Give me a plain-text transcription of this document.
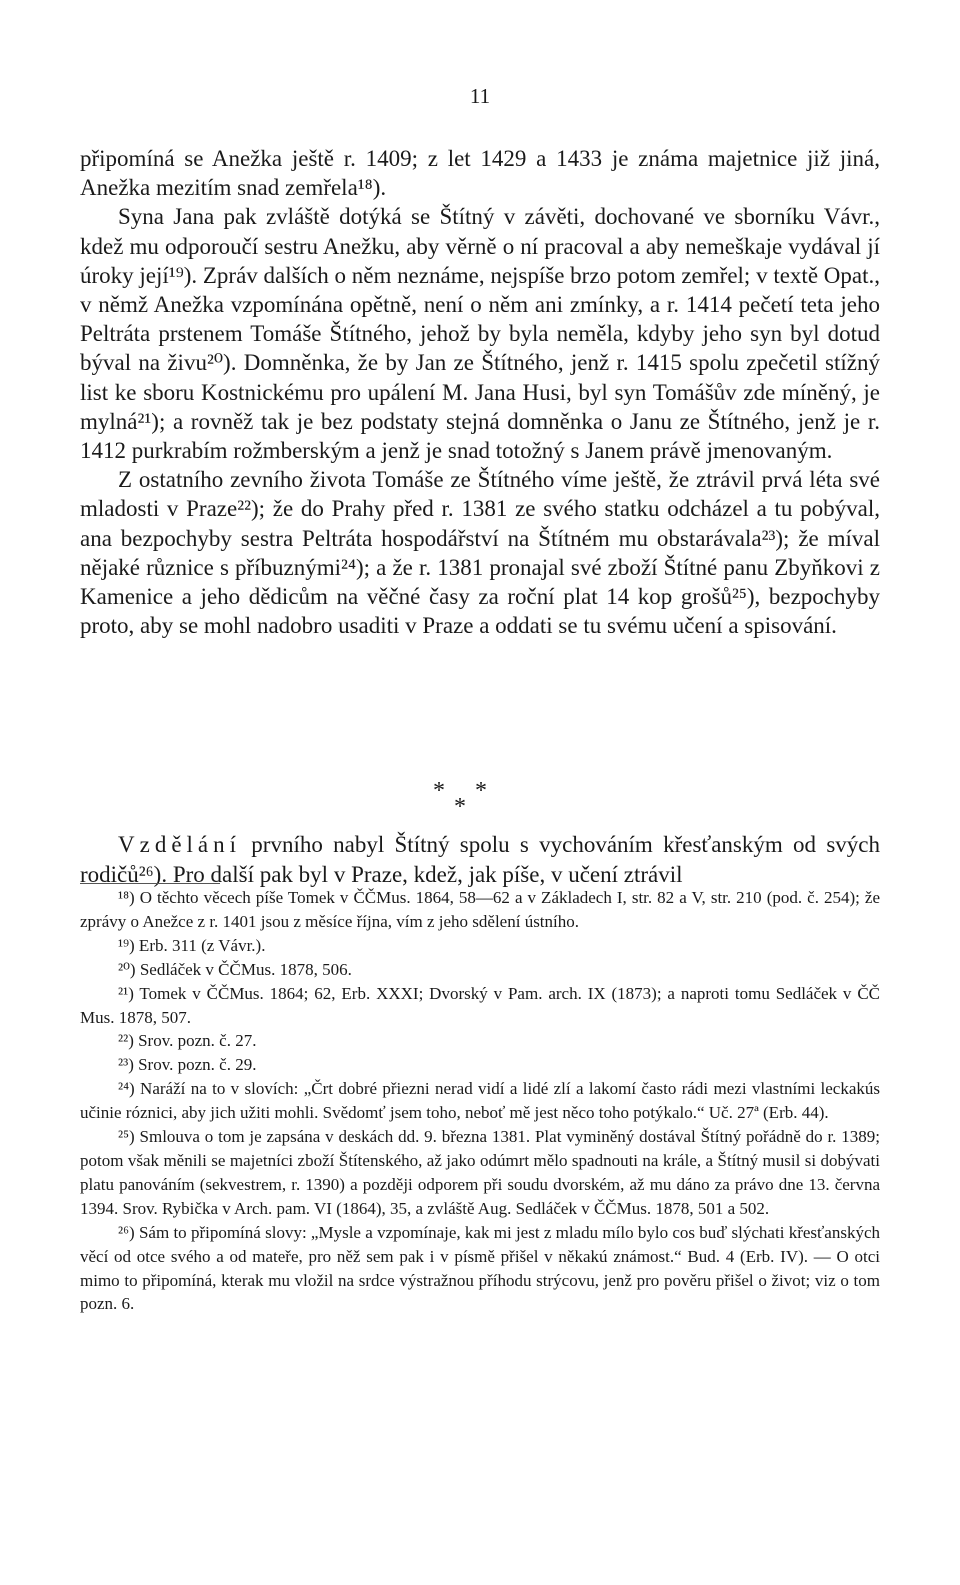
11

připomíná se Anežka ještě r. 1409; z let 1429 a 1433 je známa majetnice již jiná, Anežka mezitím snad zemřela¹⁸).

Syna Jana pak zvláště dotýká se Štítný v závěti, dochované ve sborníku Vávr., kdež mu odporoučí sestru Anežku, aby věrně o ní pracoval a aby nemeškaje vydával jí úroky její¹⁹). Zpráv dalších o něm neznáme, nejspíše brzo potom zemřel; v textě Opat., v němž Anežka vzpomínána opětně, není o něm ani zmínky, a r. 1414 pečetí teta jeho Peltráta prstenem Tomáše Štítného, jehož by byla neměla, kdyby jeho syn byl dotud býval na živu²⁰). Domněnka, že by Jan ze Štítného, jenž r. 1415 spolu zpečetil stížný list ke sboru Kostnickému pro upálení M. Jana Husi, byl syn Tomášův zde míněný, je mylná²¹); a rovněž tak je bez podstaty stejná domněnka o Janu ze Štítného, jenž je r. 1412 purkrabím rožmberským a jenž je snad totožný s Janem právě jmenovaným.

Z ostatního zevního života Tomáše ze Štítného víme ještě, že ztrávil prvá léta své mladosti v Praze²²); že do Prahy před r. 1381 ze svého statku odcházel a tu pobýval, ana bezpochyby sestra Peltráta hospodářství na Štítném mu obstarávala²³); že míval nějaké různice s příbuznými²⁴); a že r. 1381 pronajal své zboží Štítné panu Zbyňkovi z Kamenice a jeho dědicům na věčné časy za roční plat 14 kop grošů²⁵), bezpochyby proto, aby se mohl nadobro usaditi v Praze a oddati se tu svému učení a spisování.

* *
*

Vzdělání prvního nabyl Štítný spolu s vychováním křesťanským od svých rodičů²⁶). Pro další pak byl v Praze, kdež, jak píše, v učení ztrávil

¹⁸) O těchto věcech píše Tomek v ČČMus. 1864, 58—62 a v Základech I, str. 82 a V, str. 210 (pod. č. 254); že zprávy o Anežce z r. 1401 jsou z měsíce října, vím z jeho sdělení ústního.

¹⁹) Erb. 311 (z Vávr.).

²⁰) Sedláček v ČČMus. 1878, 506.

²¹) Tomek v ČČMus. 1864; 62, Erb. XXXI; Dvorský v Pam. arch. IX (1873); a naproti tomu Sedláček v ČČ Mus. 1878, 507.

²²) Srov. pozn. č. 27.

²³) Srov. pozn. č. 29.

²⁴) Naráží na to v slovích: „Črt dobré přiezni nerad vidí a lidé zlí a lakomí často rádi mezi vlastními leckakús učinie róznici, aby jich užiti mohli. Svědomť jsem toho, neboť mě jest něco toho potýkalo.“ Uč. 27ª (Erb. 44).

²⁵) Smlouva o tom je zapsána v deskách dd. 9. března 1381. Plat vyminěný dostával Štítný pořádně do r. 1389; potom však měnili se majetníci zboží Štítenského, až jako odúmrt mělo spadnouti na krále, a Štítný musil si dobývati platu panováním (sekvestrem, r. 1390) a později odporem při soudu dvorském, až mu dáno za právo dne 13. června 1394. Srov. Rybička v Arch. pam. VI (1864), 35, a zvláště Aug. Sedláček v ČČMus. 1878, 501 a 502.

²⁶) Sám to připomíná slovy: „Mysle a vzpomínaje, kak mi jest z mladu mílo bylo cos buď slýchati křesťanských věcí od otce svého a od mateře, pro něž sem pak i v písmě přišel v někakú známost.“ Bud. 4 (Erb. IV). — O otci mimo to připomíná, kterak mu vložil na srdce výstražnou příhodu strýcovu, jenž pro pověru přišel o život; viz o tom pozn. 6.
